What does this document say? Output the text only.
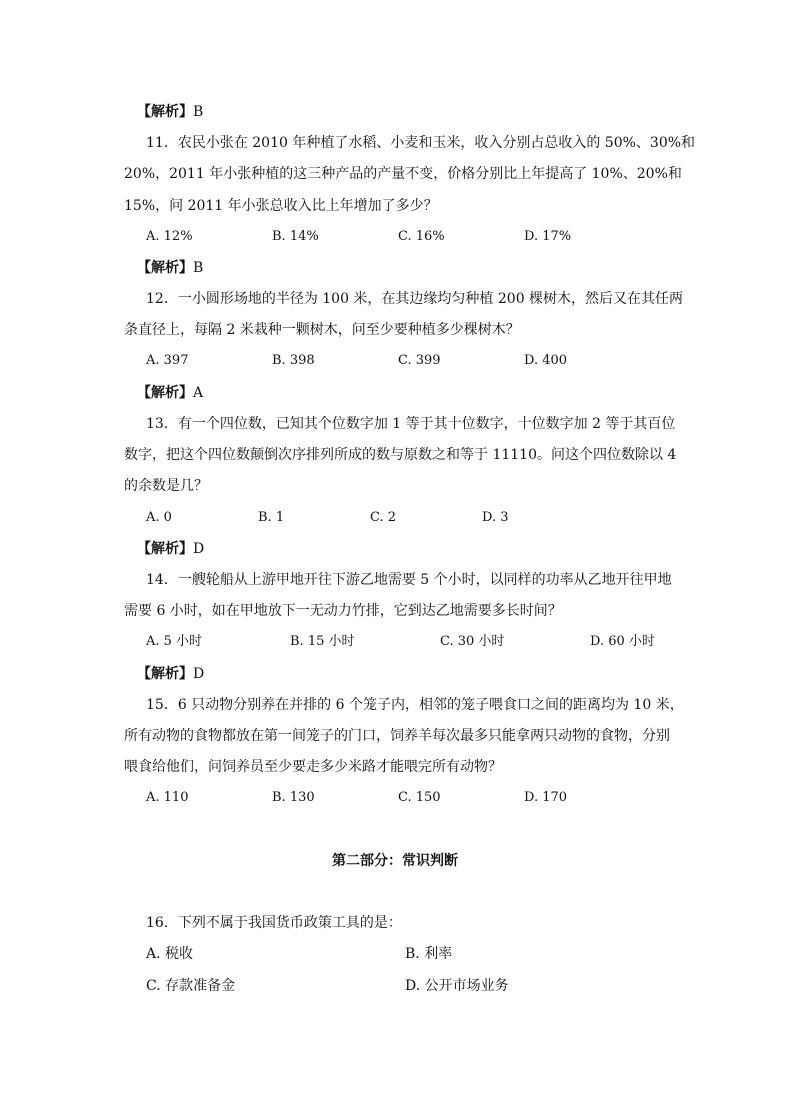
【解析】B
11．农民小张在 2010 年种植了水稻、小麦和玉米，收入分别占总收入的 50%、30%和
20%，2011 年小张种植的这三种产品的产量不变，价格分别比上年提高了 10%、20%和
15%，问 2011 年小张总收入比上年增加了多少？
A. 12%	B. 14%	C. 16%	D. 17%
【解析】B
12．一小圆形场地的半径为 100 米，在其边缘均匀种植 200 棵树木，然后又在其任两
条直径上，每隔 2 米栽种一颗树木，问至少要种植多少棵树木？
A. 397	B. 398	C. 399	D. 400
【解析】A
13．有一个四位数，已知其个位数字加 1 等于其十位数字，十位数字加 2 等于其百位
数字，把这个四位数颠倒次序排列所成的数与原数之和等于 11110。问这个四位数除以 4
的余数是几？
A. 0	B. 1	C. 2	D. 3
【解析】D
14．一艘轮船从上游甲地开往下游乙地需要 5 个小时，以同样的功率从乙地开往甲地
需要 6 小时，如在甲地放下一无动力竹排，它到达乙地需要多长时间？
A. 5 小时	B. 15 小时	C. 30 小时	D. 60 小时
【解析】D
15．6 只动物分别养在并排的 6 个笼子内，相邻的笼子喂食口之间的距离均为 10 米，
所有动物的食物都放在第一间笼子的门口，饲养羊每次最多只能拿两只动物的食物，分别
喂食给他们，问饲养员至少要走多少米路才能喂完所有动物？
A. 110	B. 130	C. 150	D. 170
第二部分：常识判断
16．下列不属于我国货币政策工具的是：
A. 税收	B. 利率
C. 存款准备金	D. 公开市场业务
